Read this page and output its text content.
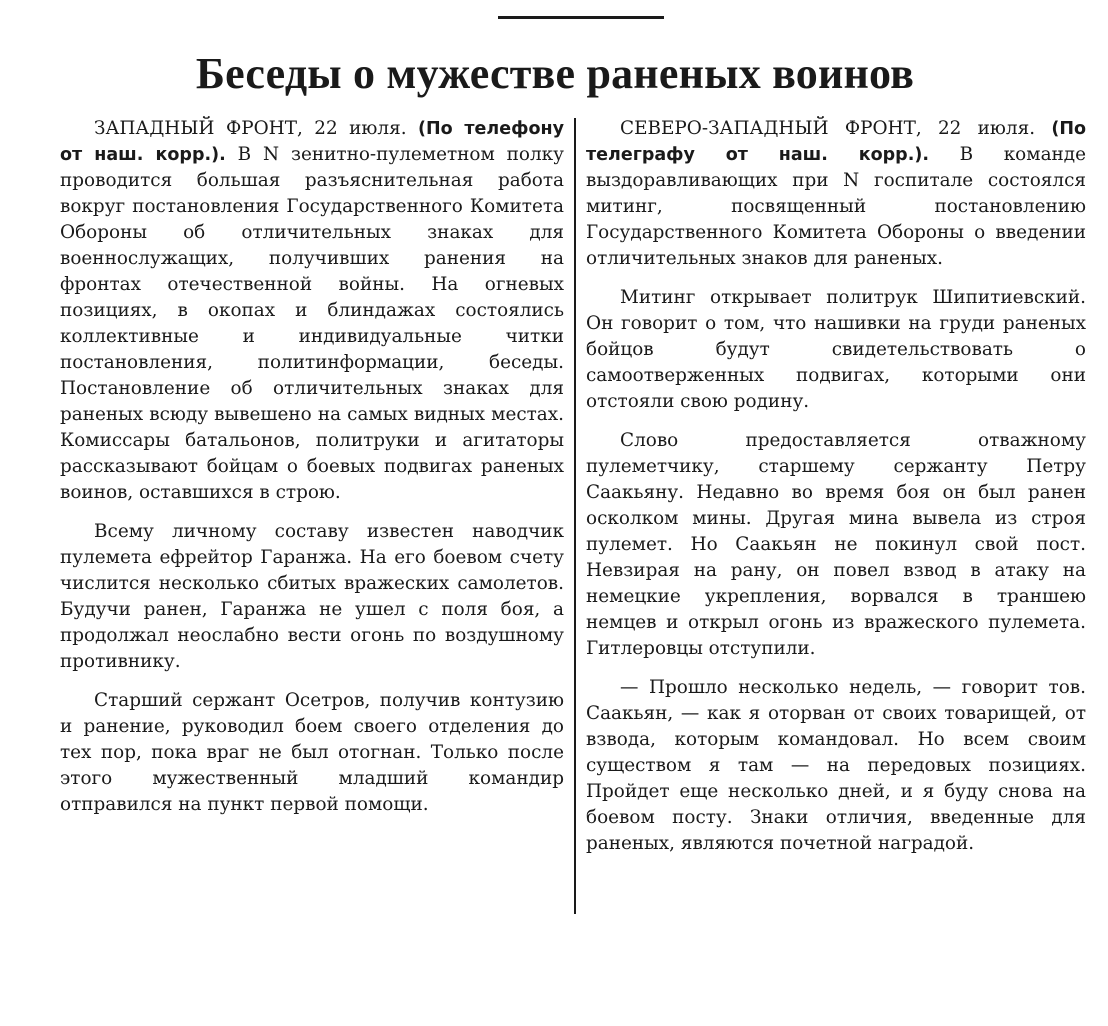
Беседы о мужестве раненых воинов

ЗАПАДНЫЙ ФРОНТ, 22 июля. (По телефону от наш. корр.). В N зенитно-пулеметном полку проводится большая разъяснительная работа вокруг постановления Государственного Комитета Обороны об отличительных знаках для военнослужащих, получивших ранения на фронтах отечественной войны. На огневых позициях, в окопах и блиндажах состоялись коллективные и индивидуальные читки постановления, политинформации, беседы. Постановление об отличительных знаках для раненых всюду вывешено на самых видных местах. Комиссары батальонов, политруки и агитаторы рассказывают бойцам о боевых подвигах раненых воинов, оставшихся в строю.

Всему личному составу известен наводчик пулемета ефрейтор Гаранжа. На его боевом счету числится несколько сбитых вражеских самолетов. Будучи ранен, Гаранжа не ушел с поля боя, а продолжал неослабно вести огонь по воздушному противнику.

Старший сержант Осетров, получив контузию и ранение, руководил боем своего отделения до тех пор, пока враг не был отогнан. Только после этого мужественный младший командир отправился на пункт первой помощи.

СЕВЕРО-ЗАПАДНЫЙ ФРОНТ, 22 июля. (По телеграфу от наш. корр.). В команде выздоравливающих при N госпитале состоялся митинг, посвященный постановлению Государственного Комитета Обороны о введении отличительных знаков для раненых.

Митинг открывает политрук Шипитиевский. Он говорит о том, что нашивки на груди раненых бойцов будут свидетельствовать о самоотверженных подвигах, которыми они отстояли свою родину.

Слово предоставляется отважному пулеметчику, старшему сержанту Петру Саакьяну. Недавно во время боя он был ранен осколком мины. Другая мина вывела из строя пулемет. Но Саакьян не покинул свой пост. Невзирая на рану, он повел взвод в атаку на немецкие укрепления, ворвался в траншею немцев и открыл огонь из вражеского пулемета. Гитлеровцы отступили.

— Прошло несколько недель, — говорит тов. Саакьян, — как я оторван от своих товарищей, от взвода, которым командовал. Но всем своим существом я там — на передовых позициях. Пройдет еще несколько дней, и я буду снова на боевом посту. Знаки отличия, введенные для раненых, являются почетной наградой.
